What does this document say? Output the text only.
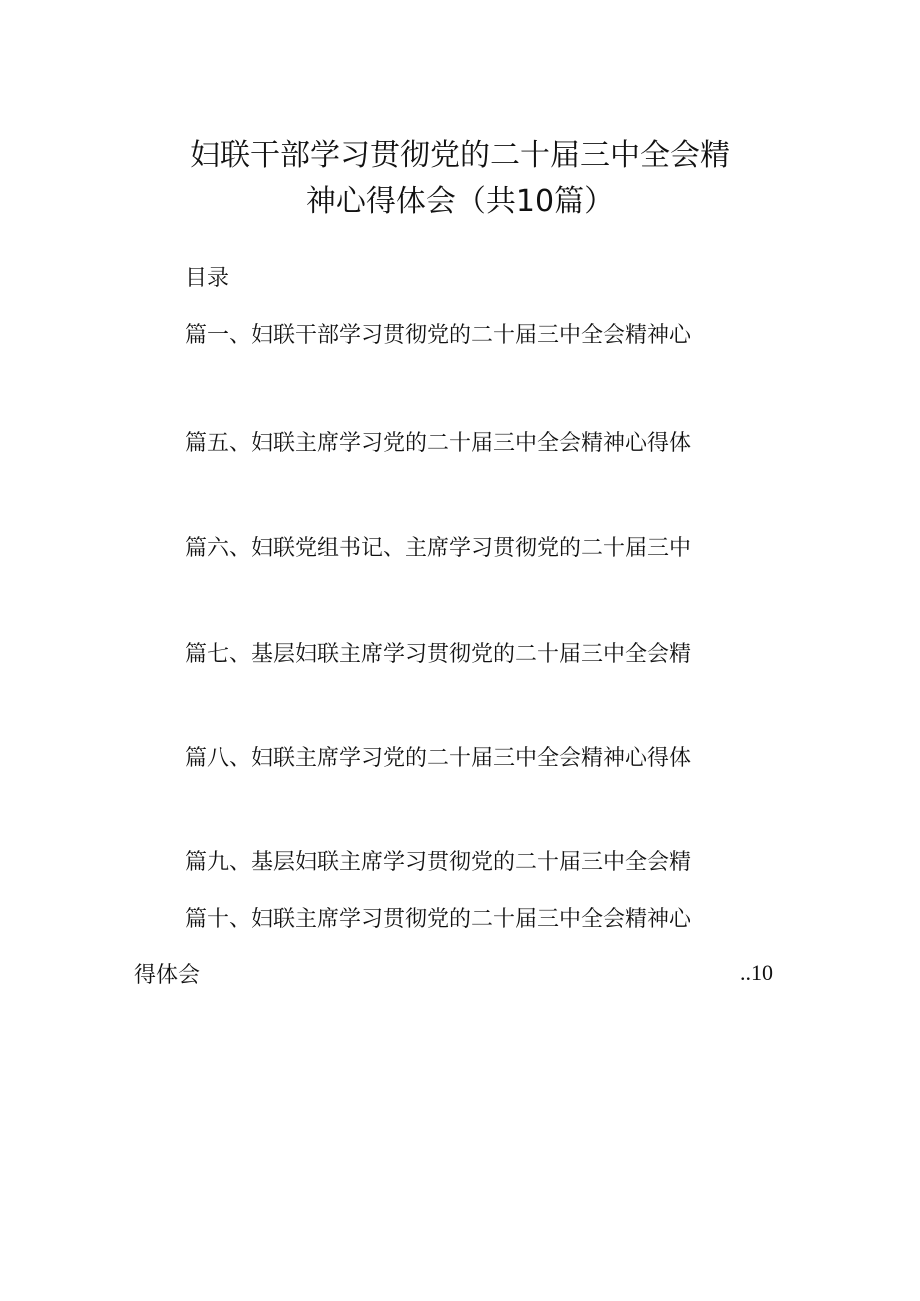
妇联干部学习贯彻党的二十届三中全会精
神心得体会（共10篇）
目录
篇一、妇联干部学习贯彻党的二十届三中全会精神心
篇五、妇联主席学习党的二十届三中全会精神心得体
篇六、妇联党组书记、主席学习贯彻党的二十届三中
篇七、基层妇联主席学习贯彻党的二十届三中全会精
篇八、妇联主席学习党的二十届三中全会精神心得体
篇九、基层妇联主席学习贯彻党的二十届三中全会精
篇十、妇联主席学习贯彻党的二十届三中全会精神心
得体会	..10
